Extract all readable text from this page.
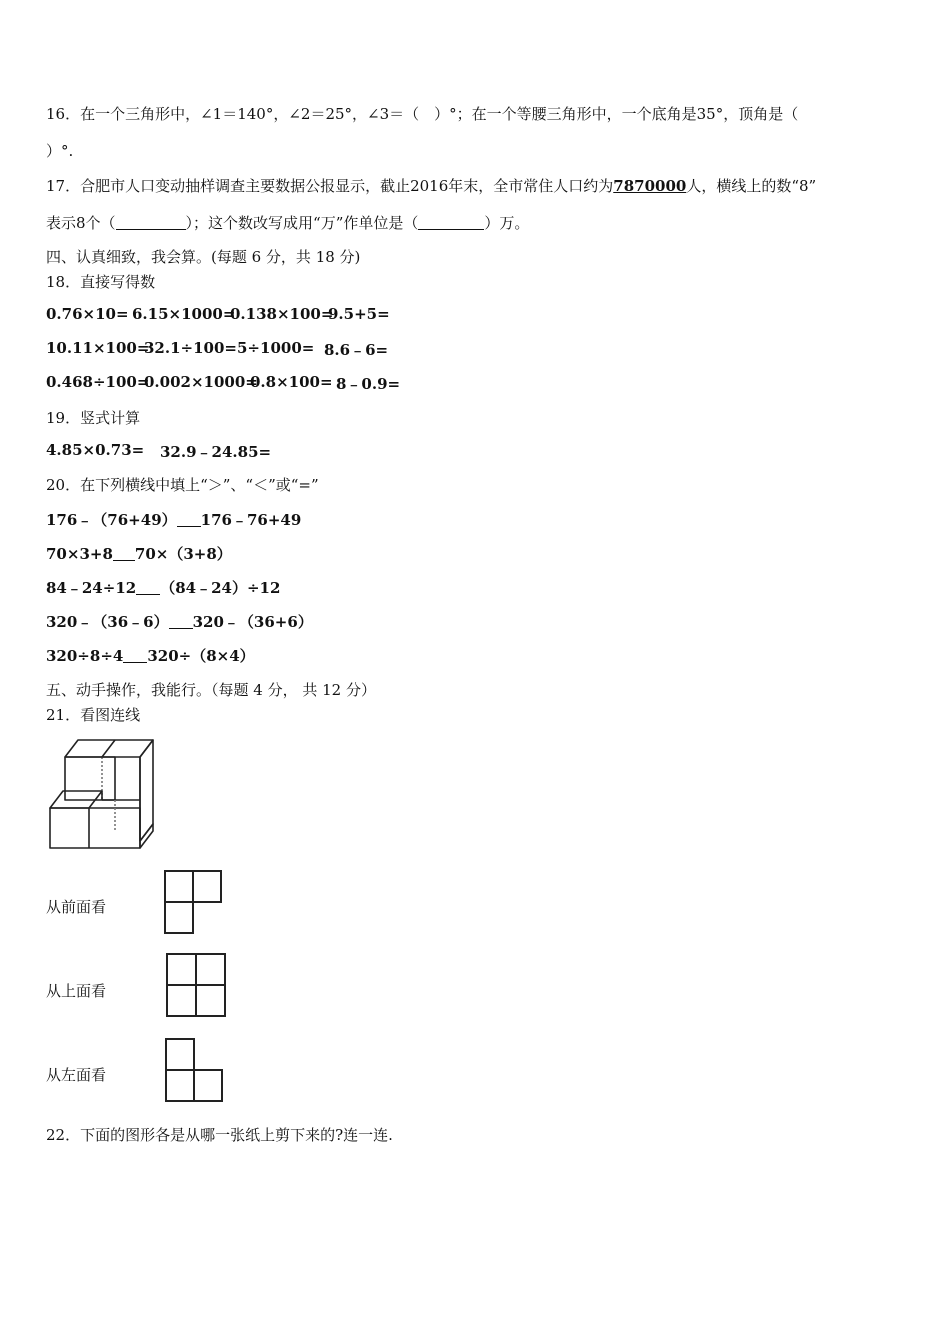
16．在一个三角形中，∠1＝140°，∠2＝25°，∠3＝（　）°；在一个等腰三角形中，一个底角是35°，顶角是（
）°.
17．合肥市人口变动抽样调查主要数据公报显示，截止2016年末，全市常住人口约为7870000人，横线上的数“8”
表示8个（	）；这个数改写成用“万”作单位是（	）万。
四、认真细致，我会算。(每题 6 分，共 18 分)
18．直接写得数
0.76×10= 6.15×1000=
0.138×100=
9.5+5=
10.11×100=
32.1÷100= 5÷1000= 8.6﹣6=
0.468÷100=
0.002×1000=
0.8×100= 8﹣0.9=
19．竖式计算
4.85×0.73= 32.9﹣24.85=
20．在下列横线中填上“＞”、“＜”或“=”
176﹣（76+49） 176﹣76+49
70×3+8 70×（3+8）
84﹣24÷12 （84﹣24）÷12
320﹣（36﹣6） 320﹣（36+6）
320÷8÷4 320÷（8×4）
五、动手操作，我能行。（每题 4 分， 共 12 分）
21．看图连线
从前面看
从上面看
从左面看
22．下面的图形各是从哪一张纸上剪下来的?连一连.
